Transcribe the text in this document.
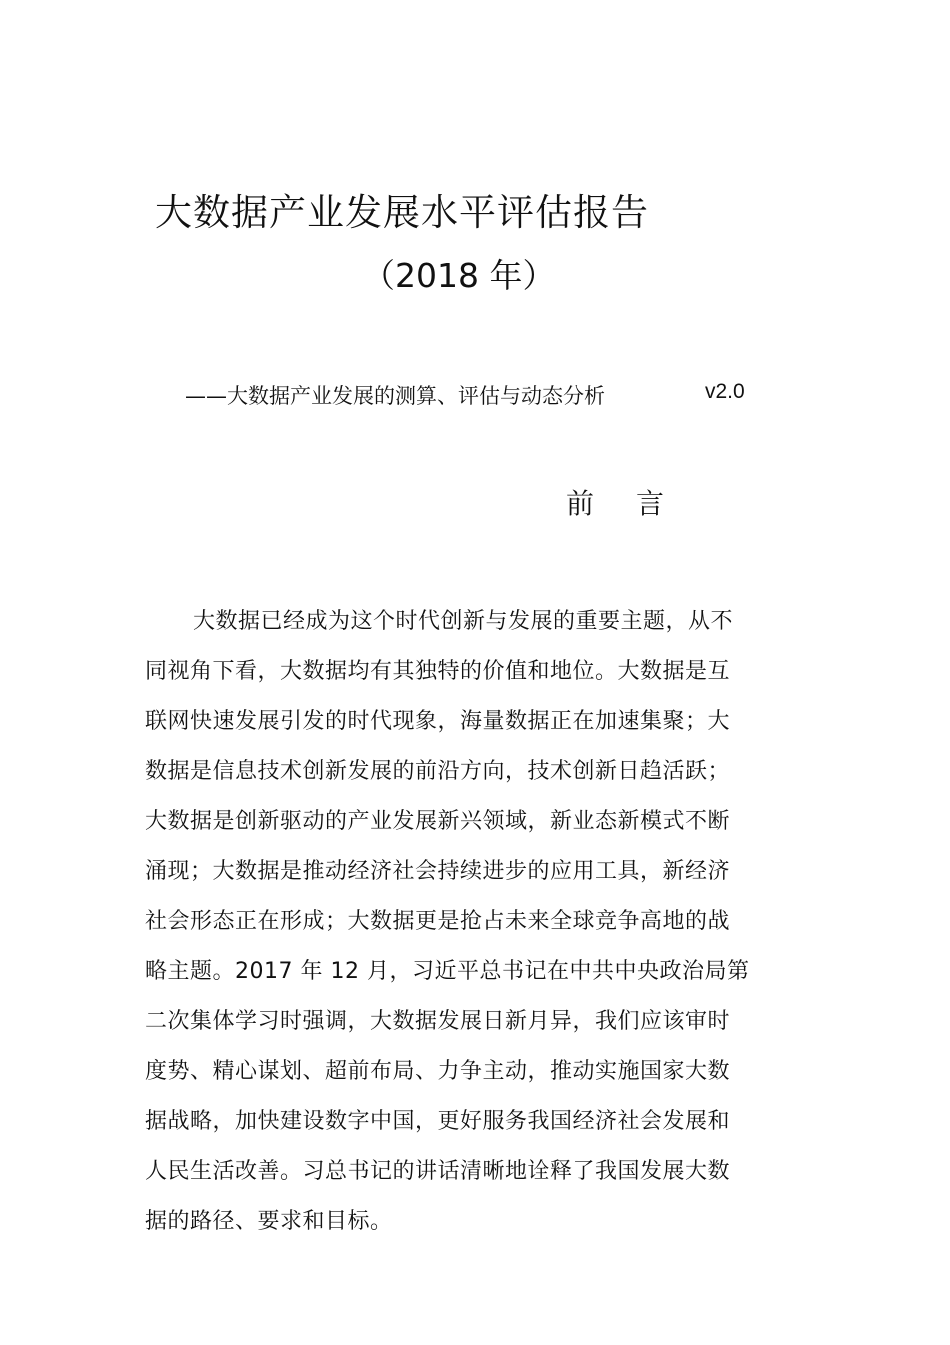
大数据产业发展水平评估报告
（2018 年）
——大数据产业发展的测算、评估与动态分析	v2.0
前言
大数据已经成为这个时代创新与发展的重要主题，从不
同视角下看，大数据均有其独特的价值和地位。大数据是互
联网快速发展引发的时代现象，海量数据正在加速集聚；大
数据是信息技术创新发展的前沿方向，技术创新日趋活跃；
大数据是创新驱动的产业发展新兴领域，新业态新模式不断
涌现；大数据是推动经济社会持续进步的应用工具，新经济
社会形态正在形成；大数据更是抢占未来全球竞争高地的战
略主题。2017 年 12 月，习近平总书记在中共中央政治局第
二次集体学习时强调，大数据发展日新月异，我们应该审时
度势、精心谋划、超前布局、力争主动，推动实施国家大数
据战略，加快建设数字中国，更好服务我国经济社会发展和
人民生活改善。习总书记的讲话清晰地诠释了我国发展大数
据的路径、要求和目标。
